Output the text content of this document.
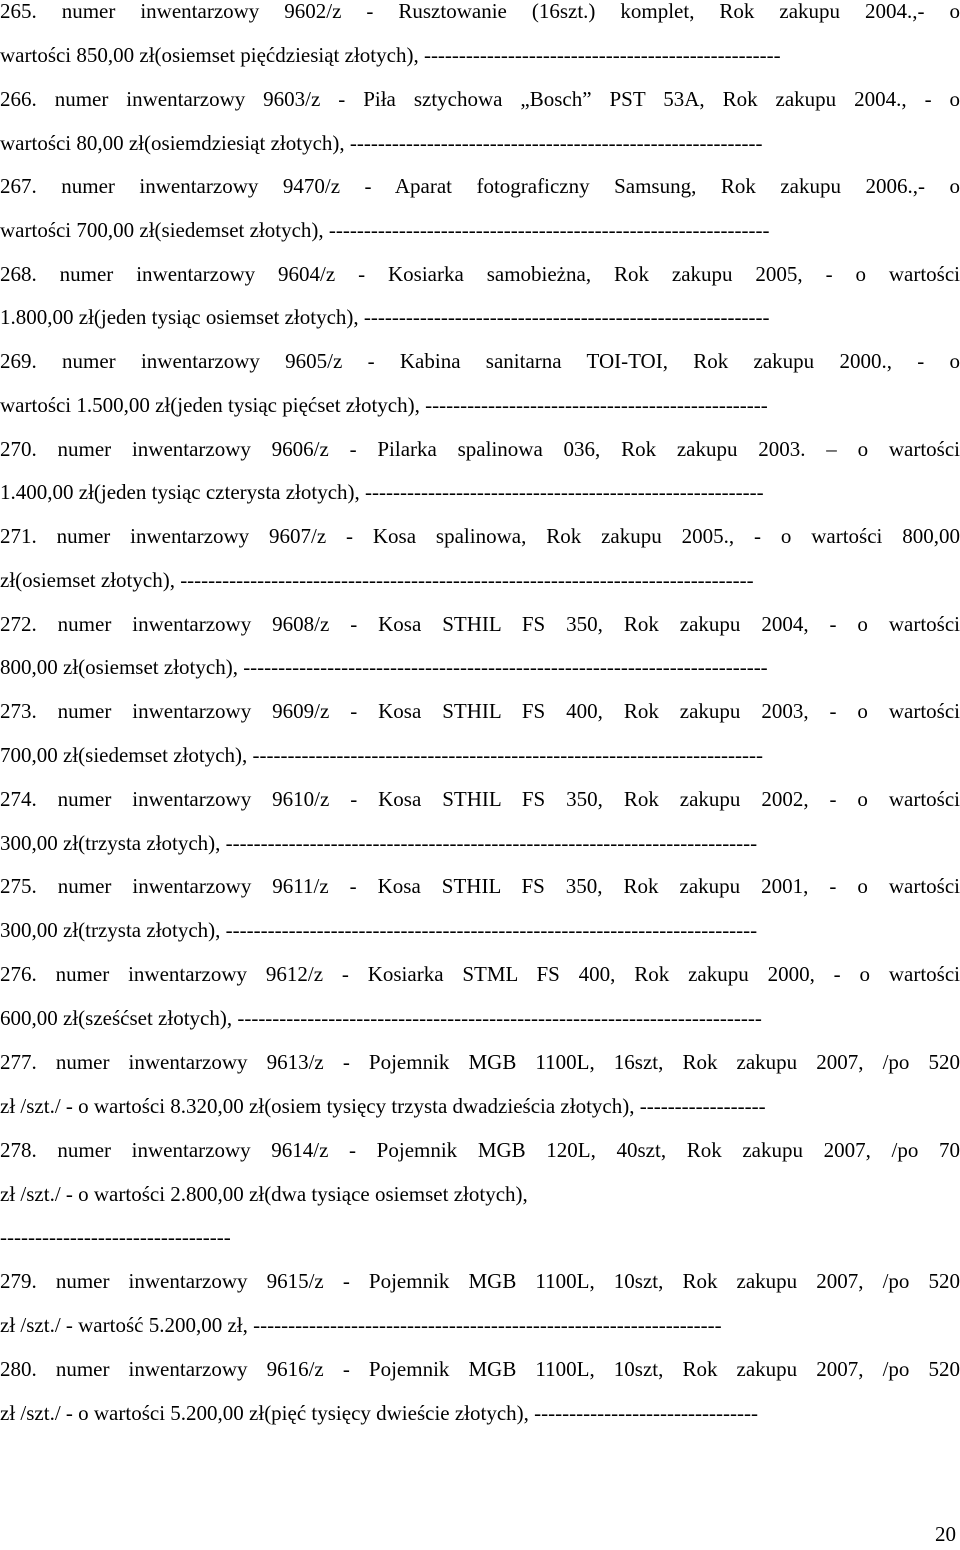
265. numer inwentarzowy 9602/z - Rusztowanie (16szt.) komplet, Rok zakupu 2004.,- o
wartości 850,00 zł(osiemset pięćdziesiąt złotych), ---------------------------------------------------
266. numer inwentarzowy 9603/z - Piła sztychowa „Bosch” PST 53A, Rok zakupu 2004., - o
wartości 80,00 zł(osiemdziesiąt złotych), -----------------------------------------------------------
267. numer inwentarzowy 9470/z - Aparat fotograficzny Samsung, Rok zakupu 2006.,- o
wartości 700,00 zł(siedemset złotych), ---------------------------------------------------------------
268. numer inwentarzowy 9604/z - Kosiarka samobieżna, Rok zakupu 2005, - o wartości
1.800,00 zł(jeden tysiąc osiemset złotych), ----------------------------------------------------------
269. numer inwentarzowy 9605/z - Kabina sanitarna TOI-TOI, Rok zakupu 2000., - o
wartości 1.500,00 zł(jeden tysiąc pięćset złotych), -------------------------------------------------
270. numer inwentarzowy 9606/z - Pilarka spalinowa 036, Rok zakupu 2003. – o wartości
1.400,00 zł(jeden tysiąc czterysta złotych), ---------------------------------------------------------
271. numer inwentarzowy 9607/z - Kosa spalinowa, Rok zakupu 2005., - o wartości 800,00
zł(osiemset złotych), ----------------------------------------------------------------------------------
272. numer inwentarzowy 9608/z - Kosa STHIL FS 350, Rok zakupu 2004, - o wartości
800,00 zł(osiemset złotych), ---------------------------------------------------------------------------
273. numer inwentarzowy 9609/z - Kosa STHIL FS 400, Rok zakupu 2003, - o wartości
700,00 zł(siedemset złotych), -------------------------------------------------------------------------
274. numer inwentarzowy 9610/z - Kosa STHIL FS 350, Rok zakupu 2002, - o wartości
300,00 zł(trzysta złotych), ----------------------------------------------------------------------------
275. numer inwentarzowy 9611/z - Kosa STHIL FS 350, Rok zakupu 2001, - o wartości
300,00 zł(trzysta złotych), ----------------------------------------------------------------------------
276. numer inwentarzowy 9612/z - Kosiarka STML FS 400, Rok zakupu 2000, - o wartości
600,00 zł(sześćset złotych), ---------------------------------------------------------------------------
277. numer inwentarzowy 9613/z - Pojemnik MGB 1100L, 16szt, Rok zakupu 2007, /po 520
zł /szt./ - o wartości 8.320,00 zł(osiem tysięcy trzysta dwadzieścia złotych), ------------------
278. numer inwentarzowy 9614/z - Pojemnik MGB 120L, 40szt, Rok zakupu 2007, /po 70
zł /szt./ - o wartości 2.800,00 zł(dwa tysiące osiemset złotych),
---------------------------------
279. numer inwentarzowy 9615/z - Pojemnik MGB 1100L, 10szt, Rok zakupu 2007, /po 520
zł /szt./ - wartość 5.200,00 zł, -------------------------------------------------------------------
280. numer inwentarzowy 9616/z - Pojemnik MGB 1100L, 10szt, Rok zakupu 2007, /po 520
zł /szt./ - o wartości 5.200,00 zł(pięć tysięcy dwieście złotych), --------------------------------
20
